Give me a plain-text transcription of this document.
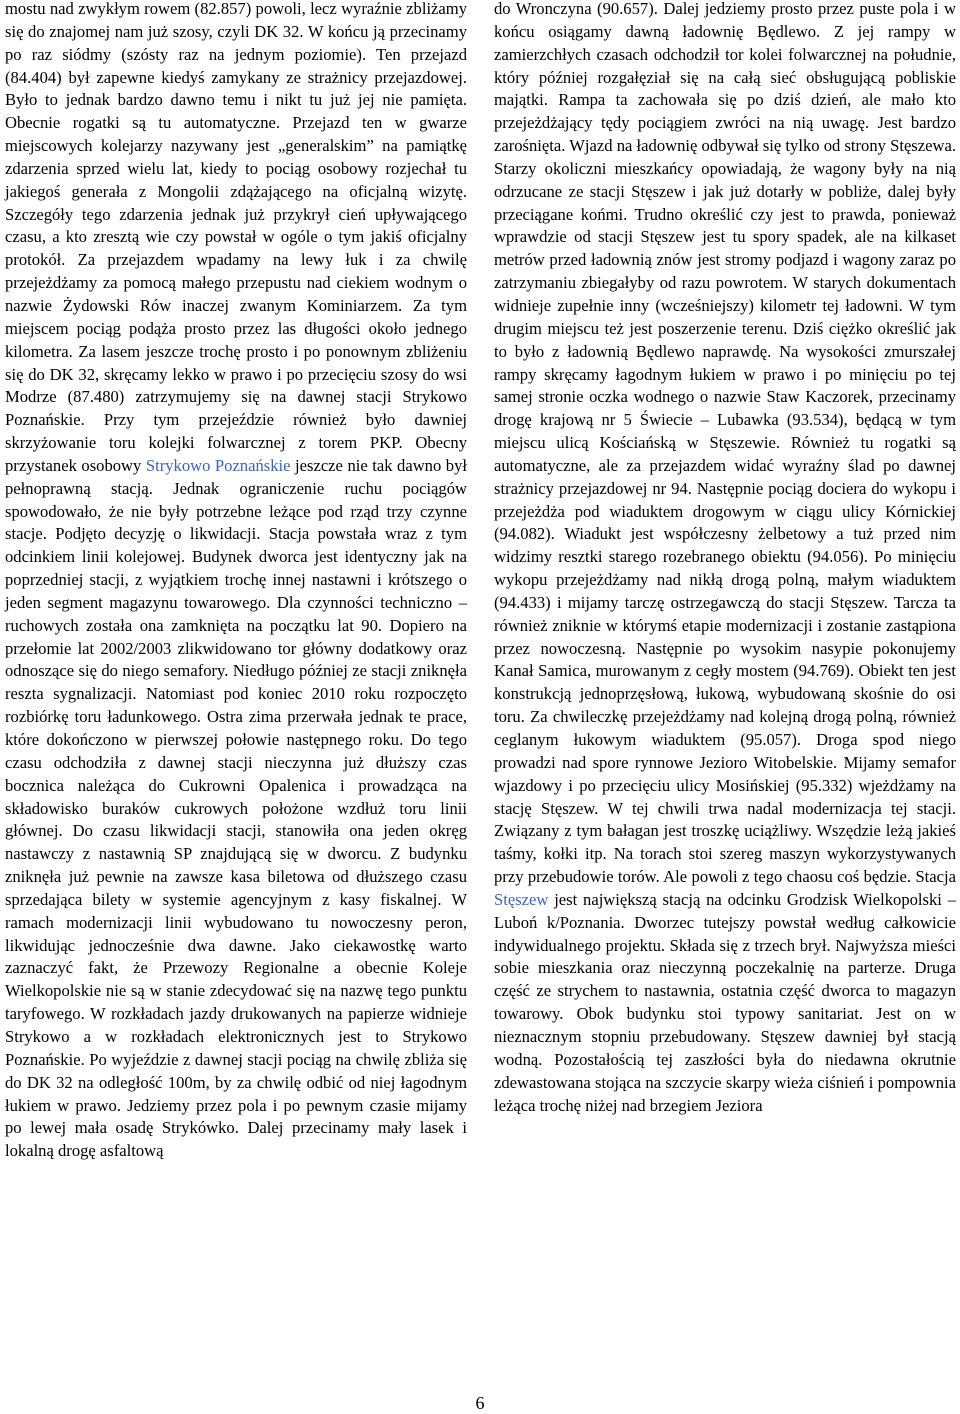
mostu nad zwykłym rowem (82.857) powoli, lecz wyraźnie zbliżamy się do znajomej nam już szosy, czyli DK 32. W końcu ją przecinamy po raz siódmy (szósty raz na jednym poziomie). Ten przejazd (84.404) był zapewne kiedyś zamykany ze strażnicy przejazdowej. Było to jednak bardzo dawno temu i nikt tu już jej nie pamięta. Obecnie rogatki są tu automatyczne. Przejazd ten w gwarze miejscowych kolejarzy nazywany jest „generalskim” na pamiątkę zdarzenia sprzed wielu lat, kiedy to pociąg osobowy rozjechał tu jakiegoś generała z Mongolii zdążającego na oficjalną wizytę. Szczegóły tego zdarzenia jednak już przykrył cień upływającego czasu, a kto zresztą wie czy powstał w ogóle o tym jakiś oficjalny protokół. Za przejazdem wpadamy na lewy łuk i za chwilę przejeżdżamy za pomocą małego przepustu nad ciekiem wodnym o nazwie Żydowski Rów inaczej zwanym Kominiarzem. Za tym miejscem pociąg podąża prosto przez las długości około jednego kilometra. Za lasem jeszcze trochę prosto i po ponownym zbliżeniu się do DK 32, skręcamy lekko w prawo i po przecięciu szosy do wsi Modrze (87.480) zatrzymujemy się na dawnej stacji Strykowo Poznańskie. Przy tym przejeździe również było dawniej skrzyżowanie toru kolejki folwarcznej z torem PKP. Obecny przystanek osobowy Strykowo Poznańskie jeszcze nie tak dawno był pełnoprawną stacją. Jednak ograniczenie ruchu pociągów spowodowało, że nie były potrzebne leżące pod rząd trzy czynne stacje. Podjęto decyzję o likwidacji. Stacja powstała wraz z tym odcinkiem linii kolejowej. Budynek dworca jest identyczny jak na poprzedniej stacji, z wyjątkiem trochę innej nastawni i krótszego o jeden segment magazynu towarowego. Dla czynności techniczno – ruchowych została ona zamknięta na początku lat 90. Dopiero na przełomie lat 2002/2003 zlikwidowano tor główny dodatkowy oraz odnoszące się do niego semafory. Niedługo później ze stacji zniknęła reszta sygnalizacji. Natomiast pod koniec 2010 roku rozpoczęto rozbiórkę toru ładunkowego. Ostra zima przerwała jednak te prace, które dokończono w pierwszej połowie następnego roku. Do tego czasu odchodziła z dawnej stacji nieczynna już dłuższy czas bocznica należąca do Cukrowni Opalenica i prowadząca na składowisko buraków cukrowych położone wzdłuż toru linii głównej. Do czasu likwidacji stacji, stanowiła ona jeden okręg nastawczy z nastawnią SP znajdującą się w dworcu. Z budynku zniknęła już pewnie na zawsze kasa biletowa od dłuższego czasu sprzedająca bilety w systemie agencyjnym z kasy fiskalnej. W ramach modernizacji linii wybudowano tu nowoczesny peron, likwidując jednocześnie dwa dawne. Jako ciekawostkę warto zaznaczyć fakt, że Przewozy Regionalne a obecnie Koleje Wielkopolskie nie są w stanie zdecydować się na nazwę tego punktu taryfowego. W rozkładach jazdy drukowanych na papierze widnieje Strykowo a w rozkładach elektronicznych jest to Strykowo Poznańskie. Po wyjeździe z dawnej stacji pociąg na chwilę zbliża się do DK 32 na odległość 100m, by za chwilę odbić od niej łagodnym łukiem w prawo. Jedziemy przez pola i po pewnym czasie mijamy po lewej mała osadę Strykówko. Dalej przecinamy mały lasek i lokalną drogę asfaltową

do Wronczyna (90.657). Dalej jedziemy prosto przez puste pola i w końcu osiągamy dawną ładownię Będlewo. Z jej rampy w zamierzchłych czasach odchodził tor kolei folwarcznej na południe, który później rozgałęział się na całą sieć obsługującą pobliskie majątki. Rampa ta zachowała się po dziś dzień, ale mało kto przejeżdżający tędy pociągiem zwróci na nią uwagę. Jest bardzo zarośnięta. Wjazd na ładownię odbywał się tylko od strony Stęszewa. Starzy okoliczni mieszkańcy opowiadają, że wagony były na nią odrzucane ze stacji Stęszew i jak już dotarły w pobliże, dalej były przeciągane końmi. Trudno określić czy jest to prawda, ponieważ wprawdzie od stacji Stęszew jest tu spory spadek, ale na kilkaset metrów przed ładownią znów jest stromy podjazd i wagony zaraz po zatrzymaniu zbiegałyby od razu powrotem. W starych dokumentach widnieje zupełnie inny (wcześniejszy) kilometr tej ładowni. W tym drugim miejscu też jest poszerzenie terenu. Dziś ciężko określić jak to było z ładownią Będlewo naprawdę. Na wysokości zmurszałej rampy skręcamy łagodnym łukiem w prawo i po minięciu po tej samej stronie oczka wodnego o nazwie Staw Kaczorek, przecinamy drogę krajową nr 5 Świecie – Lubawka (93.534), będącą w tym miejscu ulicą Kościańską w Stęszewie. Również tu rogatki są automatyczne, ale za przejazdem widać wyraźny ślad po dawnej strażnicy przejazdowej nr 94. Następnie pociąg dociera do wykopu i przejeżdża pod wiaduktem drogowym w ciągu ulicy Kórnickiej (94.082). Wiadukt jest współczesny żelbetowy a tuż przed nim widzimy resztki starego rozebranego obiektu (94.056). Po minięciu wykopu przejeżdżamy nad nikłą drogą polną, małym wiaduktem (94.433) i mijamy tarczę ostrzegawczą do stacji Stęszew. Tarcza ta również zniknie w którymś etapie modernizacji i zostanie zastąpiona przez nowoczesną. Następnie po wysokim nasypie pokonujemy Kanał Samica, murowanym z cegły mostem (94.769). Obiekt ten jest konstrukcją jednoprzęsłową, łukową, wybudowaną skośnie do osi toru. Za chwileczkę przejeżdżamy nad kolejną drogą polną, również ceglanym łukowym wiaduktem (95.057). Droga spod niego prowadzi nad spore rynnowe Jezioro Witobelskie. Mijamy semafor wjazdowy i po przecięciu ulicy Mosińskiej (95.332) wjeżdżamy na stację Stęszew. W tej chwili trwa nadal modernizacja tej stacji. Związany z tym bałagan jest troszkę uciążliwy. Wszędzie leżą jakieś taśmy, kołki itp. Na torach stoi szereg maszyn wykorzystywanych przy przebudowie torów. Ale powoli z tego chaosu coś będzie. Stacja Stęszew jest największą stacją na odcinku Grodzisk Wielkopolski – Luboń k/Poznania. Dworzec tutejszy powstał według całkowicie indywidualnego projektu. Składa się z trzech brył. Najwyższa mieści sobie mieszkania oraz nieczynną poczekalnię na parterze. Druga część ze strychem to nastawnia, ostatnia część dworca to magazyn towarowy. Obok budynku stoi typowy sanitariat. Jest on w nieznacznym stopniu przebudowany. Stęszew dawniej był stacją wodną. Pozostałością tej zaszłości była do niedawna okrutnie zdewastowana stojąca na szczycie skarpy wieża ciśnień i pompownia leżąca trochę niżej nad brzegiem Jeziora

6
